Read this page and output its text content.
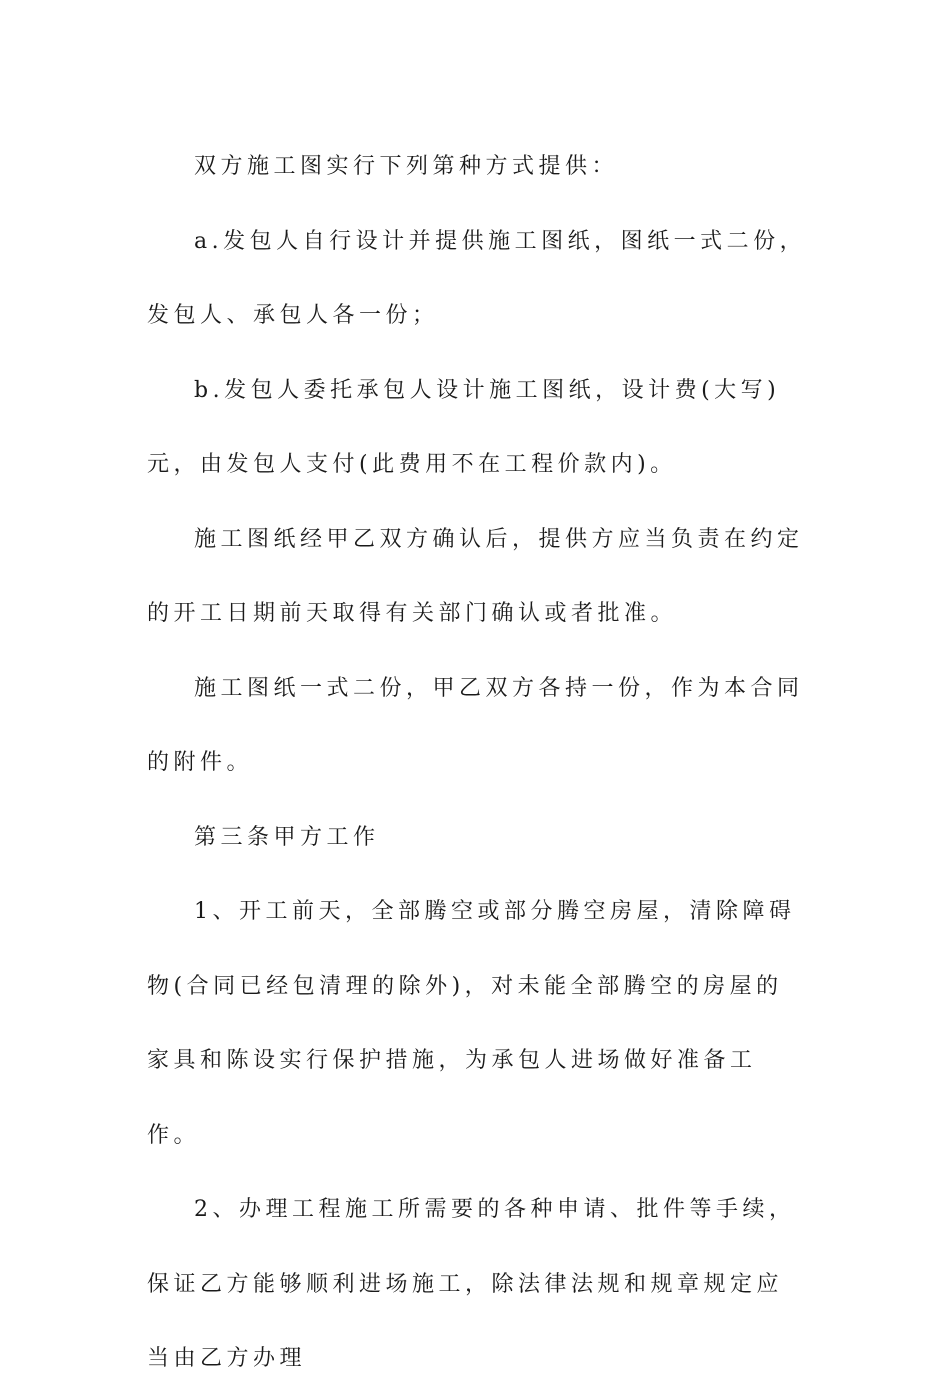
双方施工图实行下列第种方式提供：

a.发包人自行设计并提供施工图纸，图纸一式二份，发包人、承包人各一份；

b.发包人委托承包人设计施工图纸，设计费(大写)元，由发包人支付(此费用不在工程价款内)。

施工图纸经甲乙双方确认后，提供方应当负责在约定的开工日期前天取得有关部门确认或者批准。

施工图纸一式二份，甲乙双方各持一份，作为本合同的附件。

第三条甲方工作

1、开工前天，全部腾空或部分腾空房屋，清除障碍物(合同已经包清理的除外)，对未能全部腾空的房屋的家具和陈设实行保护措施，为承包人进场做好准备工作。

2、办理工程施工所需要的各种申请、批件等手续，保证乙方能够顺利进场施工，除法律法规和规章规定应当由乙方办理
